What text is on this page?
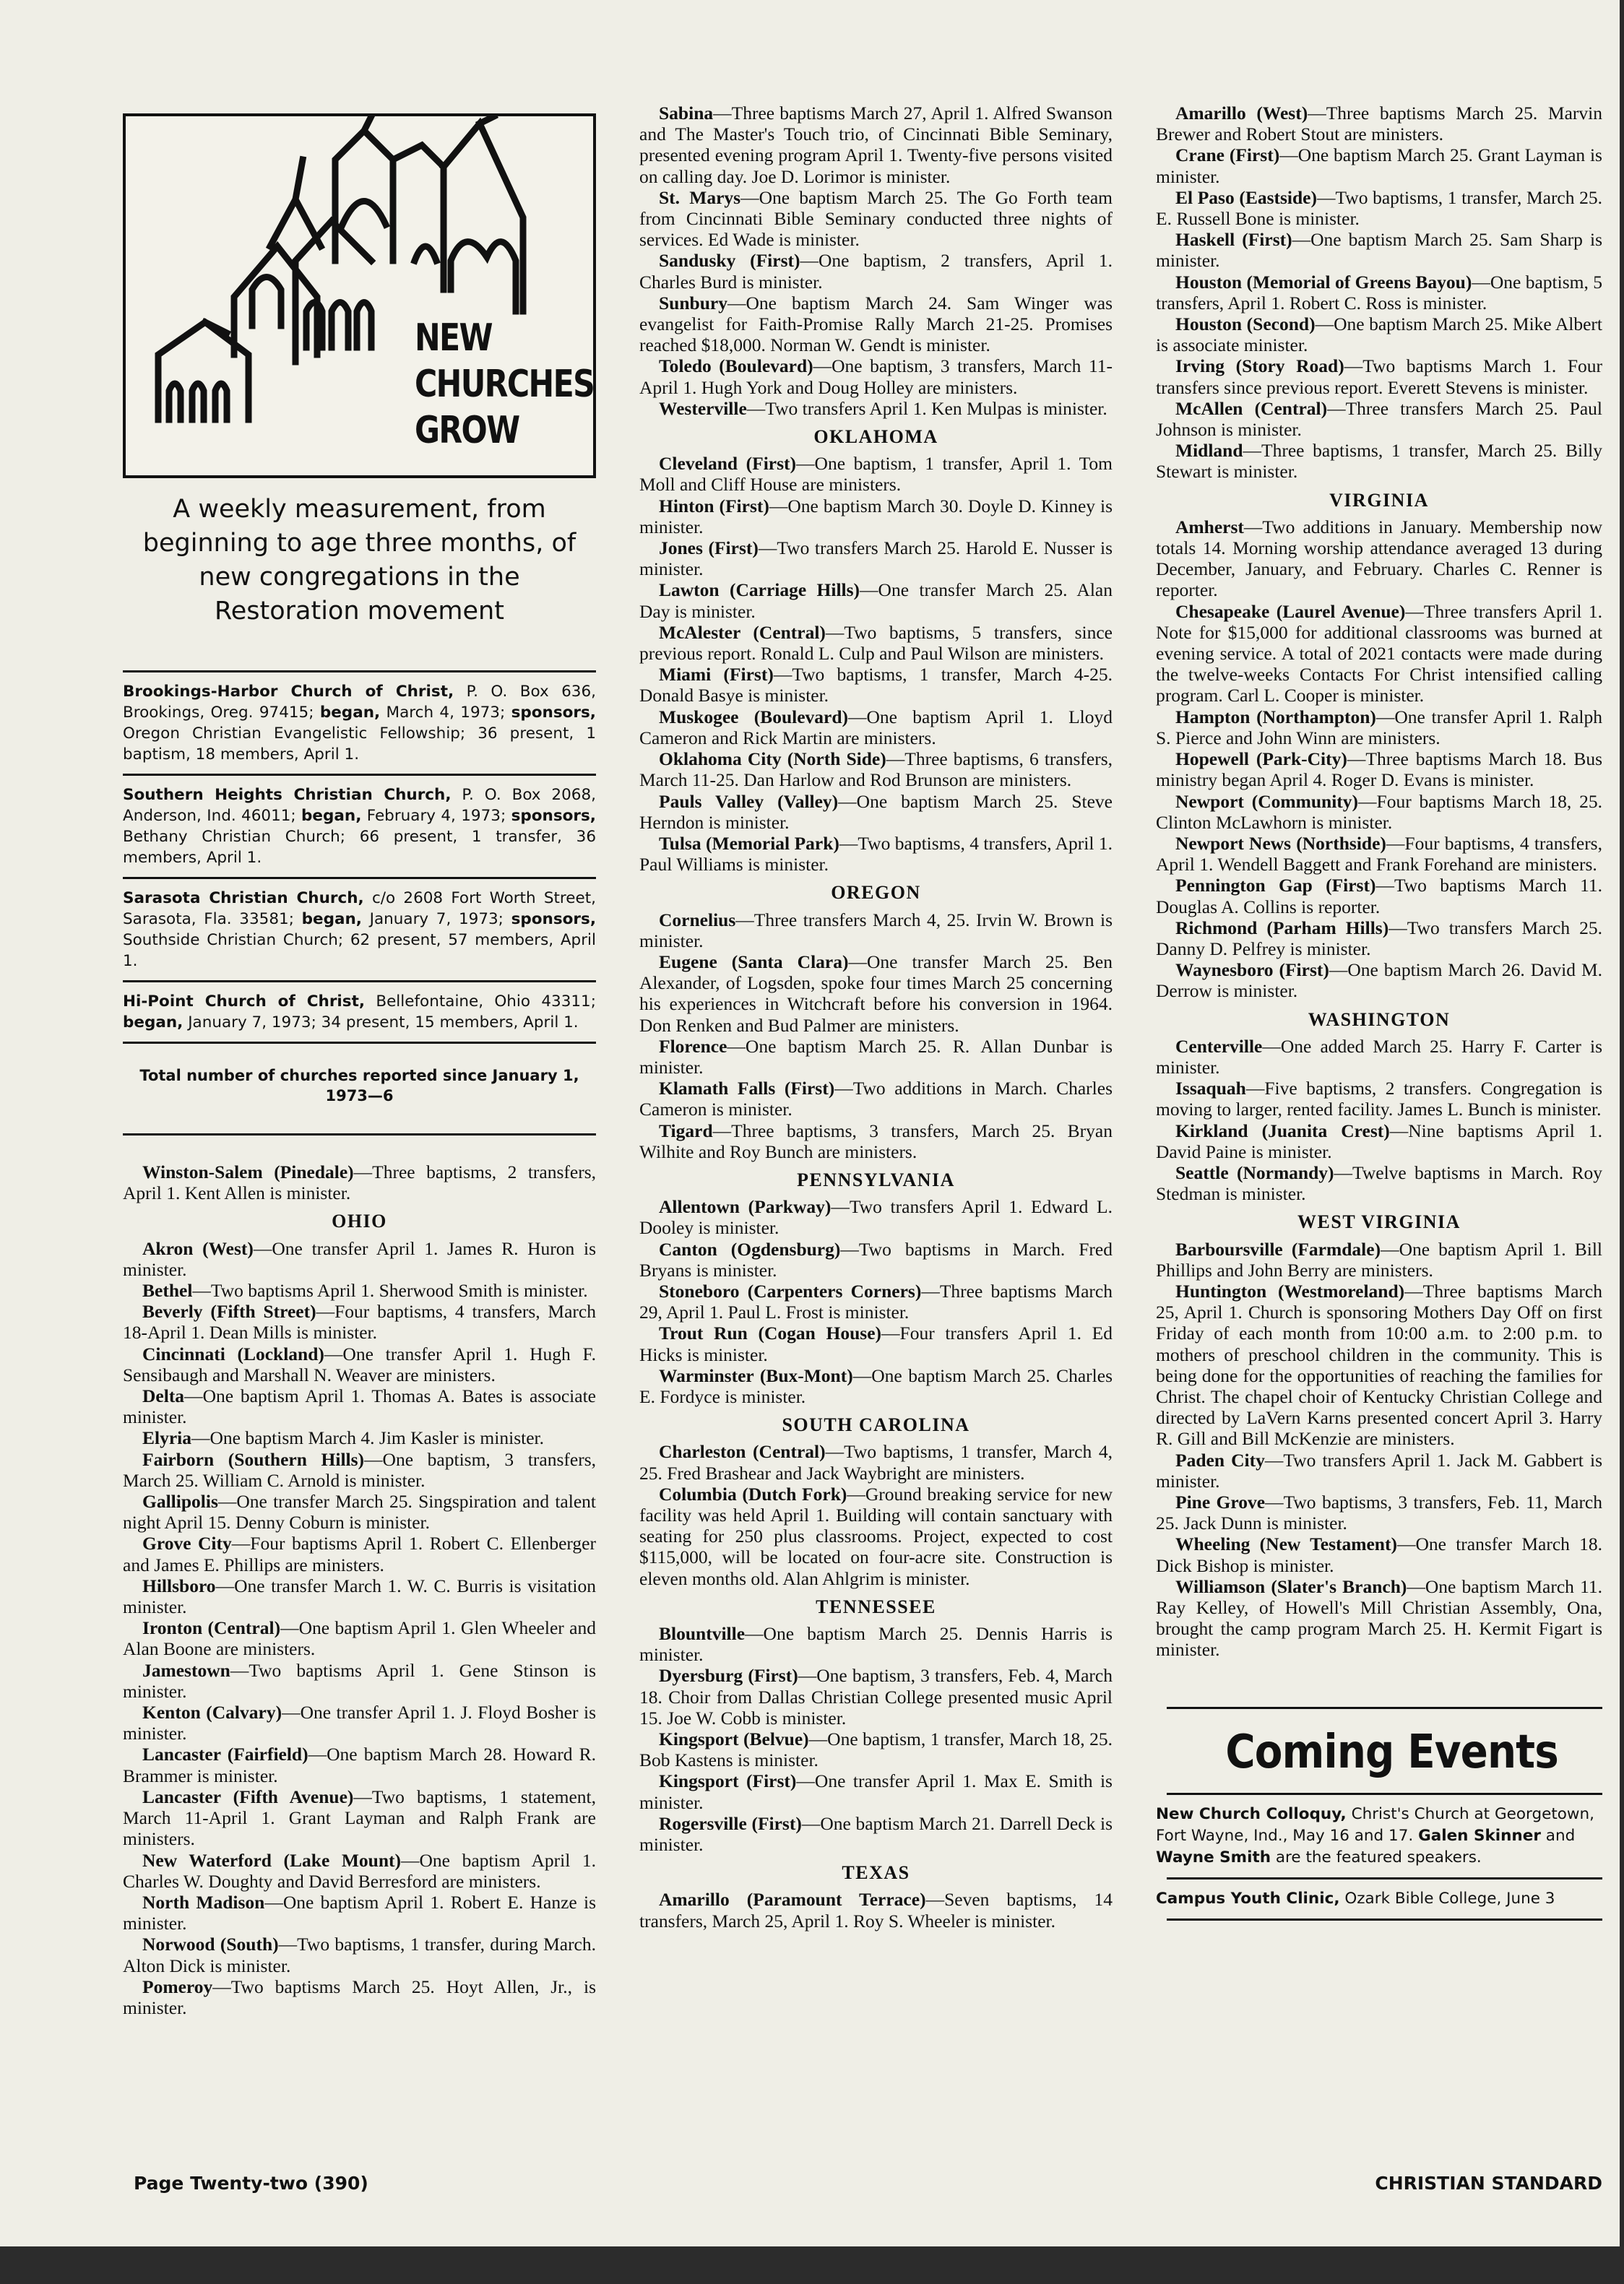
NEW
CHURCHES
GROW
A weekly measurement, from beginning to age three months, of new congregations in the Restoration movement
Brookings-Harbor Church of Christ, P. O. Box 636, Brookings, Oreg. 97415; began, March 4, 1973; sponsors, Oregon Christian Evangelistic Fellowship; 36 present, 1 baptism, 18 members, April 1.
Southern Heights Christian Church, P. O. Box 2068, Anderson, Ind. 46011; began, February 4, 1973; sponsors, Bethany Christian Church; 66 present, 1 transfer, 36 members, April 1.
Sarasota Christian Church, c/o 2608 Fort Worth Street, Sarasota, Fla. 33581; began, January 7, 1973; sponsors, Southside Christian Church; 62 present, 57 members, April 1.
Hi-Point Church of Christ, Bellefontaine, Ohio 43311; began, January 7, 1973; 34 present, 15 members, April 1.
Total number of churches reported since January 1, 1973—6

Winston-Salem (Pinedale)—Three baptisms, 2 transfers, April 1. Kent Allen is minister.

OHIO

Akron (West)—One transfer April 1. James R. Huron is minister.

Bethel—Two baptisms April 1. Sherwood Smith is minister.

Beverly (Fifth Street)—Four baptisms, 4 transfers, March 18-April 1. Dean Mills is minister.

Cincinnati (Lockland)—One transfer April 1. Hugh F. Sensibaugh and Marshall N. Weaver are ministers.

Delta—One baptism April 1. Thomas A. Bates is associate minister.

Elyria—One baptism March 4. Jim Kasler is minister.

Fairborn (Southern Hills)—One baptism, 3 transfers, March 25. William C. Arnold is minister.

Gallipolis—One transfer March 25. Singspiration and talent night April 15. Denny Coburn is minister.

Grove City—Four baptisms April 1. Robert C. Ellenberger and James E. Phillips are ministers.

Hillsboro—One transfer March 1. W. C. Burris is visitation minister.

Ironton (Central)—One baptism April 1. Glen Wheeler and Alan Boone are ministers.

Jamestown—Two baptisms April 1. Gene Stinson is minister.

Kenton (Calvary)—One transfer April 1. J. Floyd Bosher is minister.

Lancaster (Fairfield)—One baptism March 28. Howard R. Brammer is minister.

Lancaster (Fifth Avenue)—Two baptisms, 1 statement, March 11-April 1. Grant Layman and Ralph Frank are ministers.

New Waterford (Lake Mount)—One baptism April 1. Charles W. Doughty and David Berresford are ministers.

North Madison—One baptism April 1. Robert E. Hanze is minister.

Norwood (South)—Two baptisms, 1 transfer, during March. Alton Dick is minister.

Pomeroy—Two baptisms March 25. Hoyt Allen, Jr., is minister.

Sabina—Three baptisms March 27, April 1. Alfred Swanson and The Master's Touch trio, of Cincinnati Bible Seminary, presented evening program April 1. Twenty-five persons visited on calling day. Joe D. Lorimor is minister.

St. Marys—One baptism March 25. The Go Forth team from Cincinnati Bible Seminary conducted three nights of services. Ed Wade is minister.

Sandusky (First)—One baptism, 2 transfers, April 1. Charles Burd is minister.

Sunbury—One baptism March 24. Sam Winger was evangelist for Faith-Promise Rally March 21-25. Promises reached $18,000. Norman W. Gendt is minister.

Toledo (Boulevard)—One baptism, 3 transfers, March 11-April 1. Hugh York and Doug Holley are ministers.

Westerville—Two transfers April 1. Ken Mulpas is minister.

OKLAHOMA

Cleveland (First)—One baptism, 1 transfer, April 1. Tom Moll and Cliff House are ministers.

Hinton (First)—One baptism March 30. Doyle D. Kinney is minister.

Jones (First)—Two transfers March 25. Harold E. Nusser is minister.

Lawton (Carriage Hills)—One transfer March 25. Alan Day is minister.

McAlester (Central)—Two baptisms, 5 transfers, since previous report. Ronald L. Culp and Paul Wilson are ministers.

Miami (First)—Two baptisms, 1 transfer, March 4-25. Donald Basye is minister.

Muskogee (Boulevard)—One baptism April 1. Lloyd Cameron and Rick Martin are ministers.

Oklahoma City (North Side)—Three baptisms, 6 transfers, March 11-25. Dan Harlow and Rod Brunson are ministers.

Pauls Valley (Valley)—One baptism March 25. Steve Herndon is minister.

Tulsa (Memorial Park)—Two baptisms, 4 transfers, April 1. Paul Williams is minister.

OREGON

Cornelius—Three transfers March 4, 25. Irvin W. Brown is minister.

Eugene (Santa Clara)—One transfer March 25. Ben Alexander, of Logsden, spoke four times March 25 concerning his experiences in Witchcraft before his conversion in 1964. Don Renken and Bud Palmer are ministers.

Florence—One baptism March 25. R. Allan Dunbar is minister.

Klamath Falls (First)—Two additions in March. Charles Cameron is minister.

Tigard—Three baptisms, 3 transfers, March 25. Bryan Wilhite and Roy Bunch are ministers.

PENNSYLVANIA

Allentown (Parkway)—Two transfers April 1. Edward L. Dooley is minister.

Canton (Ogdensburg)—Two baptisms in March. Fred Bryans is minister.

Stoneboro (Carpenters Corners)—Three baptisms March 29, April 1. Paul L. Frost is minister.

Trout Run (Cogan House)—Four transfers April 1. Ed Hicks is minister.

Warminster (Bux-Mont)—One baptism March 25. Charles E. Fordyce is minister.

SOUTH CAROLINA

Charleston (Central)—Two baptisms, 1 transfer, March 4, 25. Fred Brashear and Jack Waybright are ministers.

Columbia (Dutch Fork)—Ground breaking service for new facility was held April 1. Building will contain sanctuary with seating for 250 plus classrooms. Project, expected to cost $115,000, will be located on four-acre site. Construction is eleven months old. Alan Ahlgrim is minister.

TENNESSEE

Blountville—One baptism March 25. Dennis Harris is minister.

Dyersburg (First)—One baptism, 3 transfers, Feb. 4, March 18. Choir from Dallas Christian College presented music April 15. Joe W. Cobb is minister.

Kingsport (Belvue)—One baptism, 1 transfer, March 18, 25. Bob Kastens is minister.

Kingsport (First)—One transfer April 1. Max E. Smith is minister.

Rogersville (First)—One baptism March 21. Darrell Deck is minister.

TEXAS

Amarillo (Paramount Terrace)—Seven baptisms, 14 transfers, March 25, April 1. Roy S. Wheeler is minister.

Amarillo (West)—Three baptisms March 25. Marvin Brewer and Robert Stout are ministers.

Crane (First)—One baptism March 25. Grant Layman is minister.

El Paso (Eastside)—Two baptisms, 1 transfer, March 25. E. Russell Bone is minister.

Haskell (First)—One baptism March 25. Sam Sharp is minister.

Houston (Memorial of Greens Bayou)—One baptism, 5 transfers, April 1. Robert C. Ross is minister.

Houston (Second)—One baptism March 25. Mike Albert is associate minister.

Irving (Story Road)—Two baptisms March 1. Four transfers since previous report. Everett Stevens is minister.

McAllen (Central)—Three transfers March 25. Paul Johnson is minister.

Midland—Three baptisms, 1 transfer, March 25. Billy Stewart is minister.

VIRGINIA

Amherst—Two additions in January. Membership now totals 14. Morning worship attendance averaged 13 during December, January, and February. Charles C. Renner is reporter.

Chesapeake (Laurel Avenue)—Three transfers April 1. Note for $15,000 for additional classrooms was burned at evening service. A total of 2021 contacts were made during the twelve-weeks Contacts For Christ intensified calling program. Carl L. Cooper is minister.

Hampton (Northampton)—One transfer April 1. Ralph S. Pierce and John Winn are ministers.

Hopewell (Park-City)—Three baptisms March 18. Bus ministry began April 4. Roger D. Evans is minister.

Newport (Community)—Four baptisms March 18, 25. Clinton McLawhorn is minister.

Newport News (Northside)—Four baptisms, 4 transfers, April 1. Wendell Baggett and Frank Forehand are ministers.

Pennington Gap (First)—Two baptisms March 11. Douglas A. Collins is reporter.

Richmond (Parham Hills)—Two transfers March 25. Danny D. Pelfrey is minister.

Waynesboro (First)—One baptism March 26. David M. Derrow is minister.

WASHINGTON

Centerville—One added March 25. Harry F. Carter is minister.

Issaquah—Five baptisms, 2 transfers. Congregation is moving to larger, rented facility. James L. Bunch is minister.

Kirkland (Juanita Crest)—Nine baptisms April 1. David Paine is minister.

Seattle (Normandy)—Twelve baptisms in March. Roy Stedman is minister.

WEST VIRGINIA

Barboursville (Farmdale)—One baptism April 1. Bill Phillips and John Berry are ministers.

Huntington (Westmoreland)—Three baptisms March 25, April 1. Church is sponsoring Mothers Day Off on first Friday of each month from 10:00 a.m. to 2:00 p.m. to mothers of preschool children in the community. This is being done for the opportunities of reaching the families for Christ. The chapel choir of Kentucky Christian College and directed by LaVern Karns presented concert April 3. Harry R. Gill and Bill McKenzie are ministers.

Paden City—Two transfers April 1. Jack M. Gabbert is minister.

Pine Grove—Two baptisms, 3 transfers, Feb. 11, March 25. Jack Dunn is minister.

Wheeling (New Testament)—One transfer March 18. Dick Bishop is minister.

Williamson (Slater's Branch)—One baptism March 11. Ray Kelley, of Howell's Mill Christian Assembly, Ona, brought the camp program March 25. H. Kermit Figart is minister.

Coming Events
New Church Colloquy, Christ's Church at Georgetown, Fort Wayne, Ind., May 16 and 17. Galen Skinner and Wayne Smith are the featured speakers.
Campus Youth Clinic, Ozark Bible College, June 3
Page Twenty-two (390)	CHRISTIAN STANDARD
